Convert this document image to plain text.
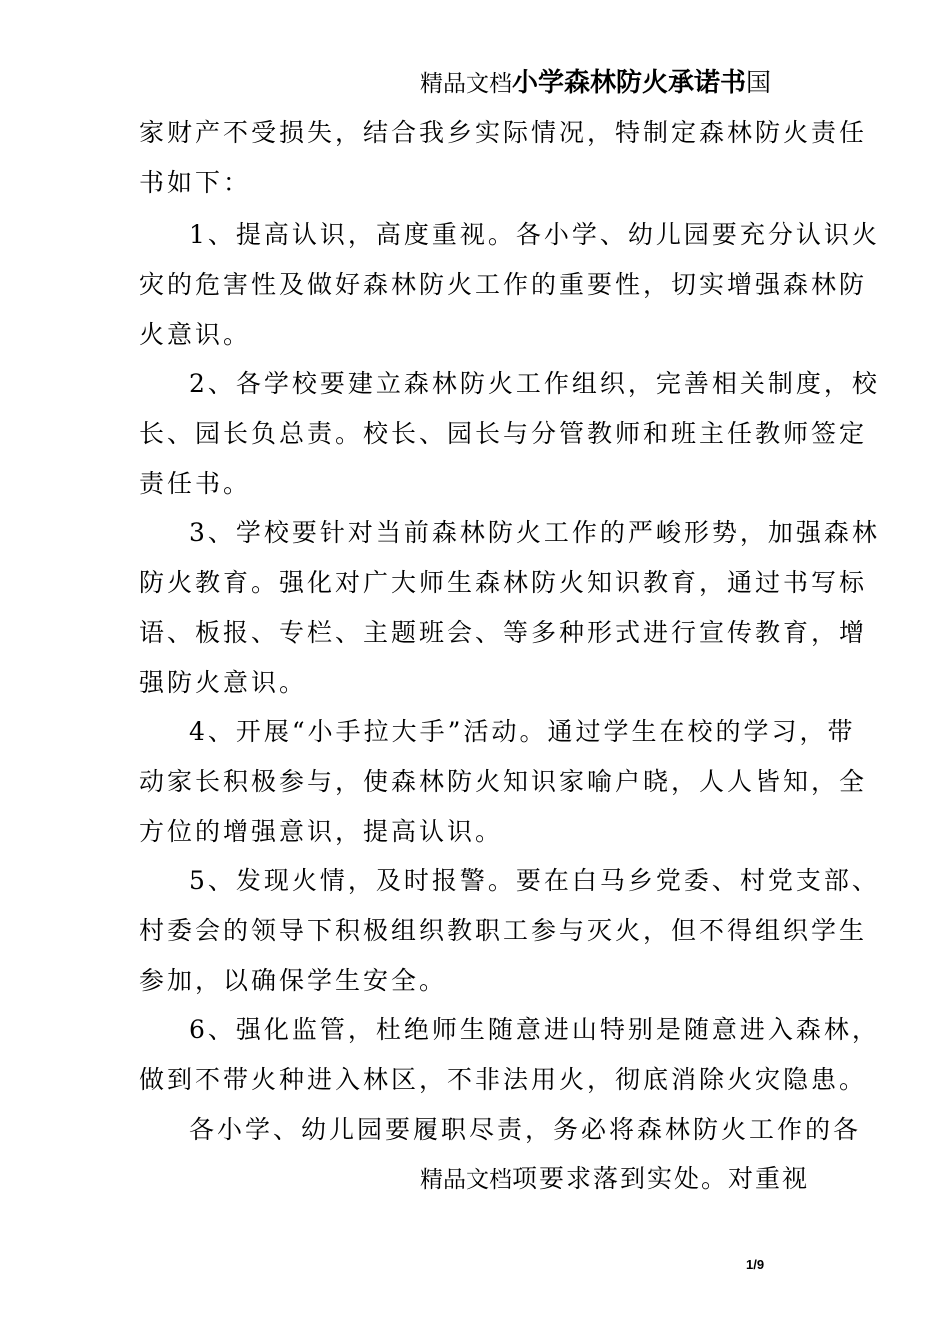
精品文档小学森林防火承诺书国
家财产不受损失，结合我乡实际情况，特制定森林防火责任
书如下：
1、提高认识，高度重视。各小学、幼儿园要充分认识火
灾的危害性及做好森林防火工作的重要性，切实增强森林防
火意识。
2、各学校要建立森林防火工作组织，完善相关制度，校
长、园长负总责。校长、园长与分管教师和班主任教师签定
责任书。
3、学校要针对当前森林防火工作的严峻形势，加强森林
防火教育。强化对广大师生森林防火知识教育，通过书写标
语、板报、专栏、主题班会、等多种形式进行宣传教育，增
强防火意识。
4、开展“小手拉大手”活动。通过学生在校的学习，带
动家长积极参与，使森林防火知识家喻户晓，人人皆知，全
方位的增强意识，提高认识。
5、发现火情，及时报警。要在白马乡党委、村党支部、
村委会的领导下积极组织教职工参与灭火，但不得组织学生
参加，以确保学生安全。
6、强化监管，杜绝师生随意进山特别是随意进入森林，
做到不带火种进入林区，不非法用火，彻底消除火灾隐患。
各小学、幼儿园要履职尽责，务必将森林防火工作的各
精品文档项要求落到实处。对重视
1/9
